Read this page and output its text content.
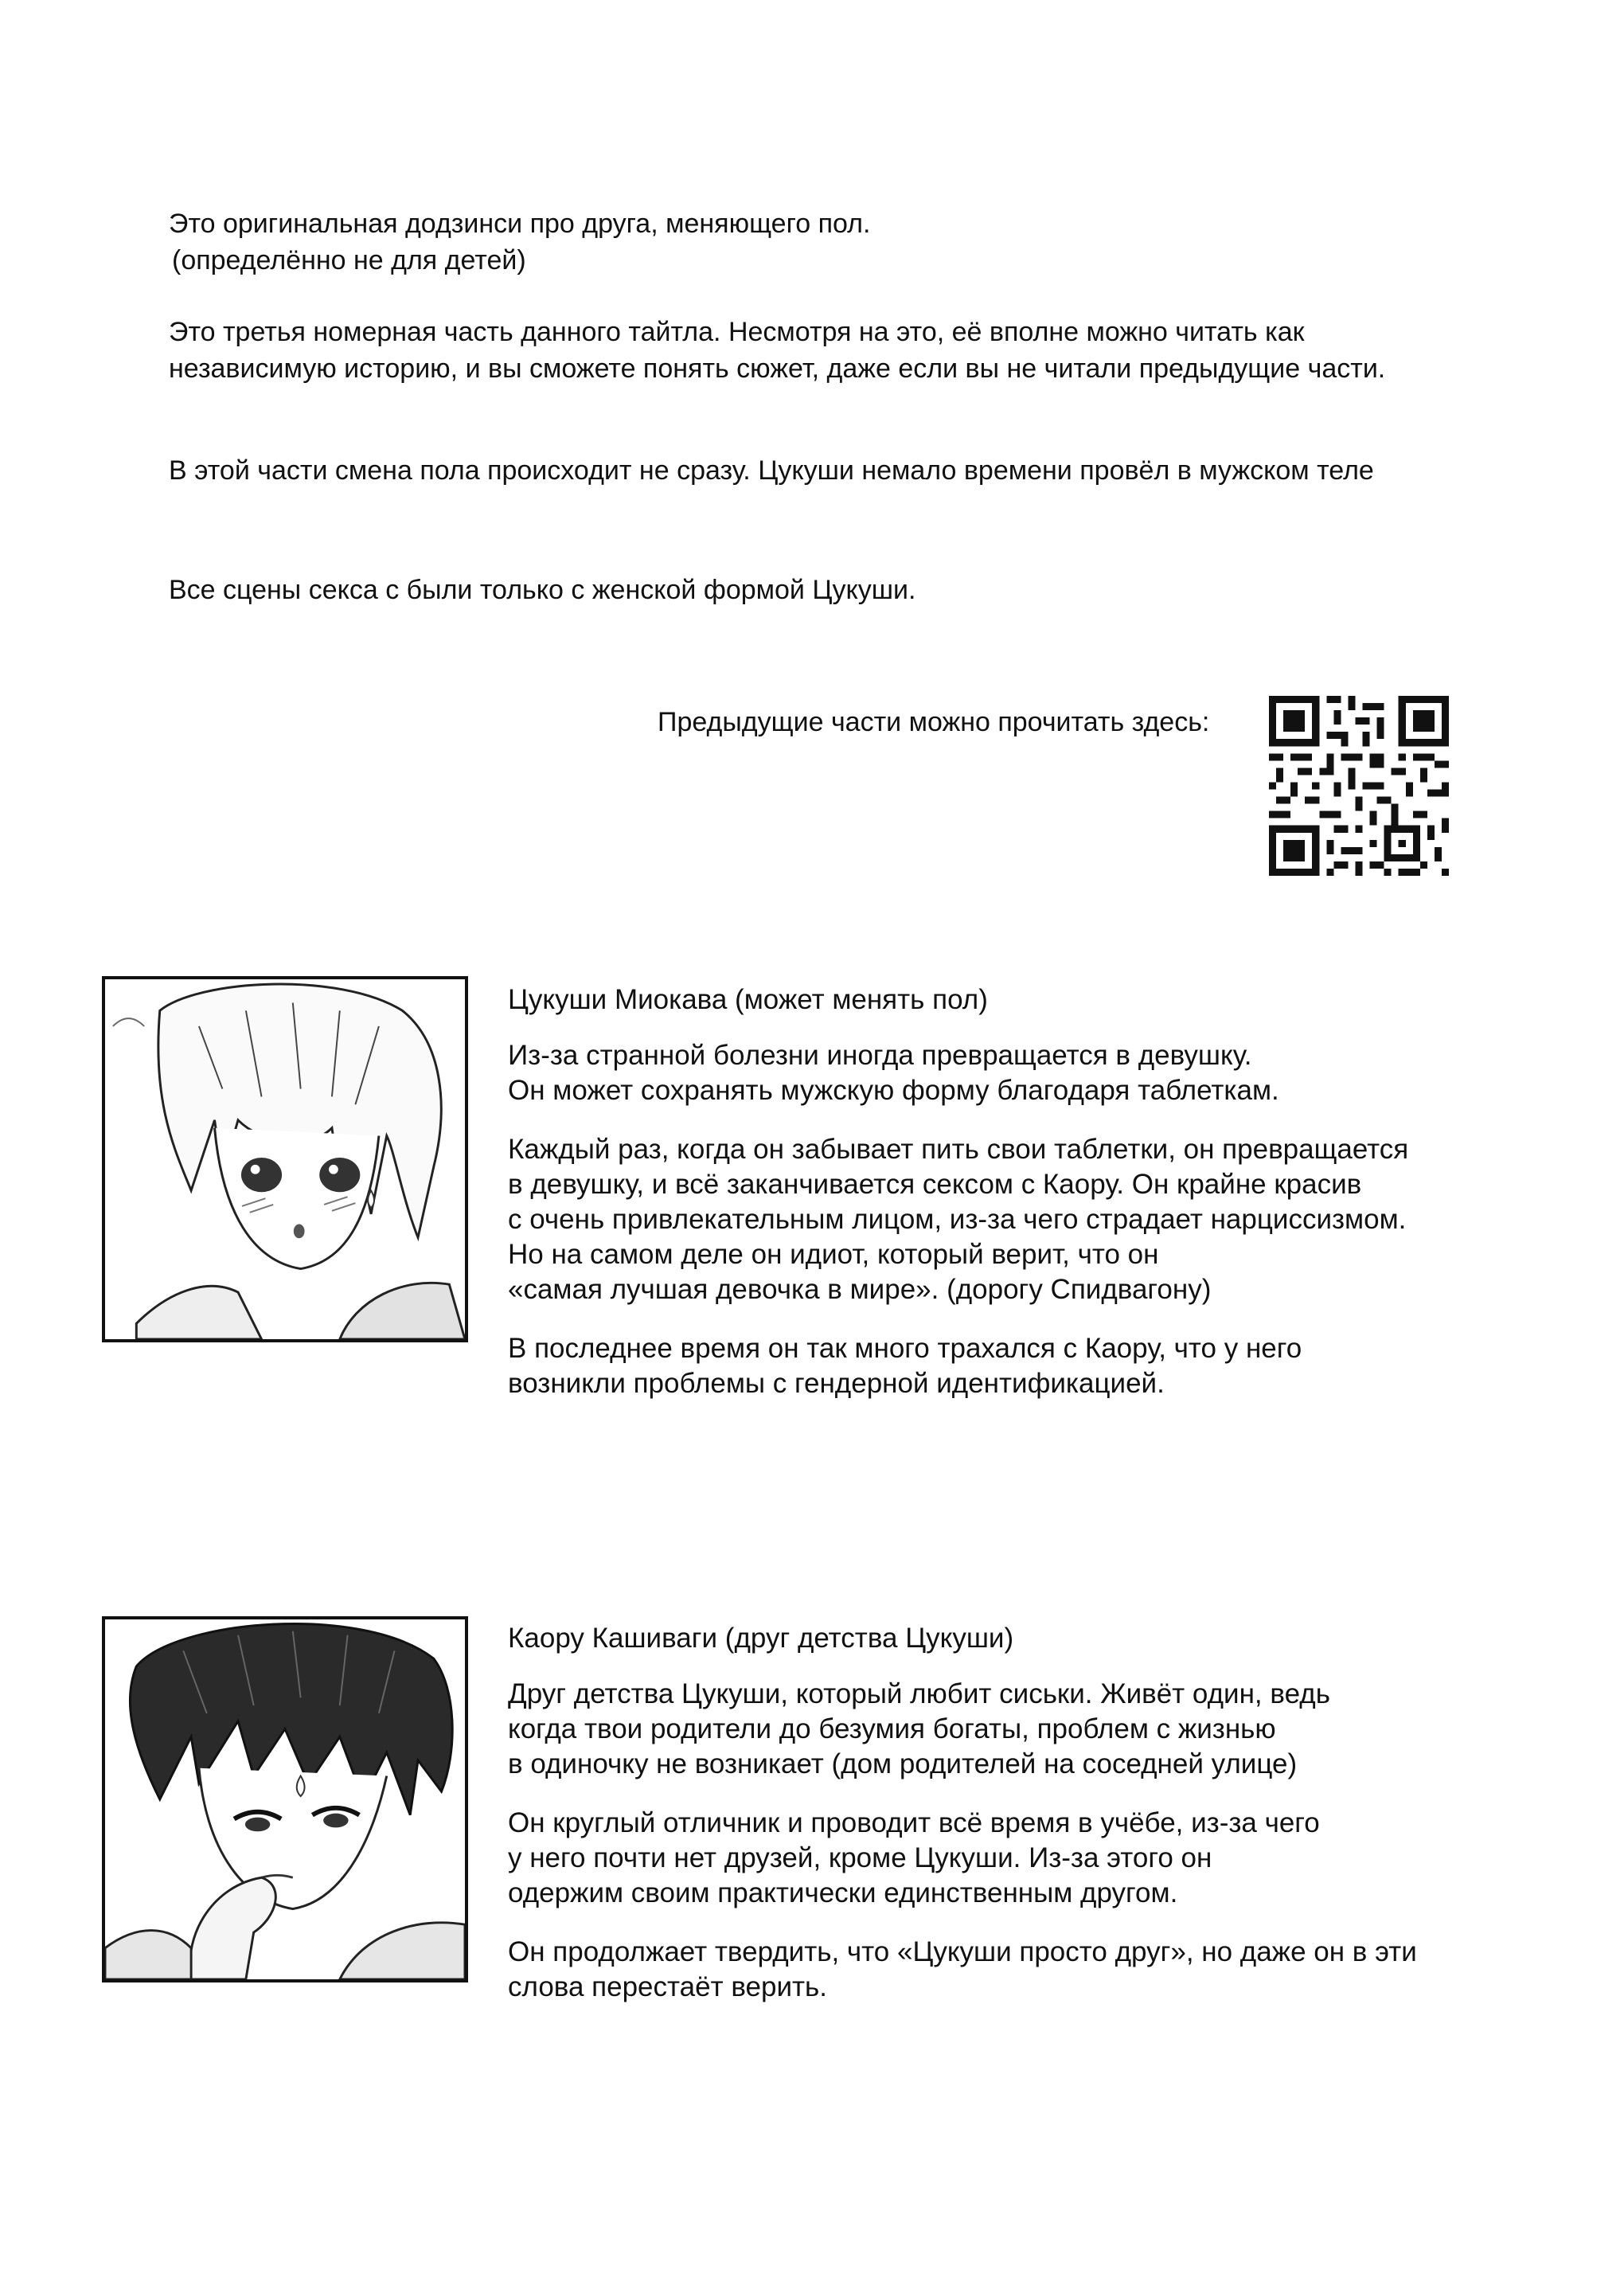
Это оригинальная додзинси про друга, меняющего пол.

(определённо не для детей)

Это третья номерная часть данного тайтла. Несмотря на это, её вполне можно читать как

независимую историю, и вы сможете понять сюжет, даже если вы не читали предыдущие части.

В этой части смена пола происходит не сразу. Цукуши немало времени провёл в мужском теле

Все сцены секса с были только с женской формой Цукуши.

Предыдущие части можно прочитать здесь:

Цукуши Миокава (может менять пол)

Из-за странной болезни иногда превращается в девушку.

Он может сохранять мужскую форму благодаря таблеткам.

Каждый раз, когда он забывает пить свои таблетки, он превращается

в девушку, и всё заканчивается сексом с Каору. Он крайне красив

с очень привлекательным лицом, из-за чего страдает нарциссизмом.

Но на самом деле он идиот, который верит, что он

«самая лучшая девочка в мире». (дорогу Спидвагону)

В последнее время он так много трахался с Каору, что у него

возникли проблемы с гендерной идентификацией.

Каору Кашиваги (друг детства Цукуши)

Друг детства Цукуши, который любит сиськи. Живёт один, ведь

когда твои родители до безумия богаты, проблем с жизнью

в одиночку не возникает (дом родителей на соседней улице)

Он круглый отличник и проводит всё время в учёбе, из-за чего

у него почти нет друзей, кроме Цукуши. Из-за этого он

одержим своим практически единственным другом.

Он продолжает твердить, что «Цукуши просто друг», но даже он в эти

слова перестаёт верить.
